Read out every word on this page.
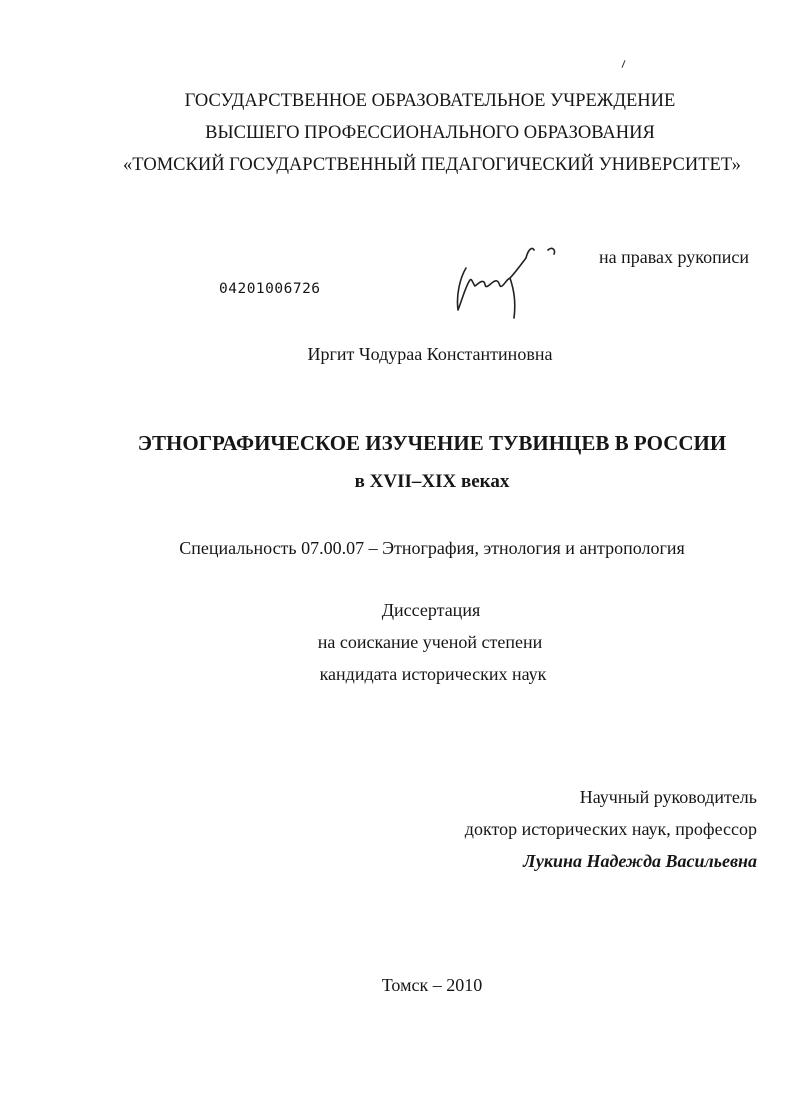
ГОСУДАРСТВЕННОЕ ОБРАЗОВАТЕЛЬНОЕ УЧРЕЖДЕНИЕ
ВЫСШЕГО ПРОФЕССИОНАЛЬНОГО ОБРАЗОВАНИЯ
«ТОМСКИЙ ГОСУДАРСТВЕННЫЙ ПЕДАГОГИЧЕСКИЙ УНИВЕРСИТЕТ»
на правах рукописи
04201006726
Иргит Чодураа Константиновна
ЭТНОГРАФИЧЕСКОЕ ИЗУЧЕНИЕ ТУВИНЦЕВ В РОССИИ
в XVII–XIX веках
Специальность 07.00.07 – Этнография, этнология и антропология
Диссертация
на соискание ученой степени
кандидата исторических наук
Научный руководитель
доктор исторических наук, профессор
Лукина Надежда Васильевна
Томск – 2010
